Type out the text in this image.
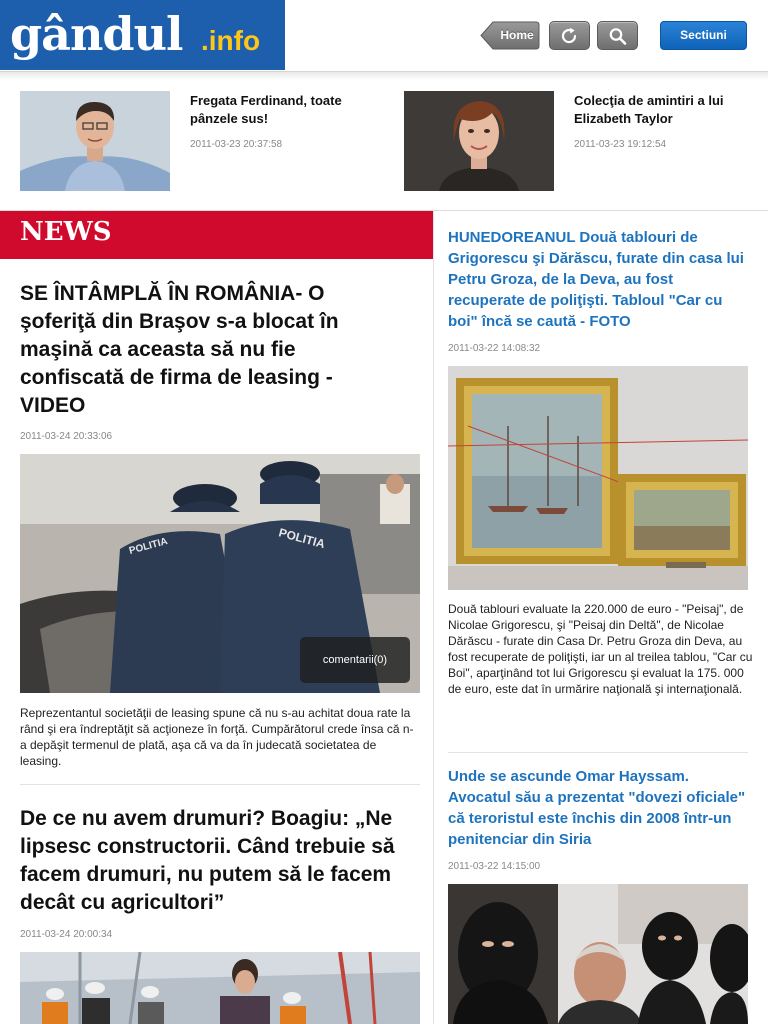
gândul .info	Home	Sectiuni
Fregata Ferdinand, toate pânzele sus!
2011-03-23 20:37:58
Colecţia de amintiri a lui Elizabeth Taylor
2011-03-23 19:12:54
NEWS
SE ÎNTÂMPLĂ ÎN ROMÂNIA- O şoferiţă din Braşov s-a blocat în maşină ca aceasta să nu fie confiscată de firma de leasing - VIDEO
2011-03-24 20:33:06
POLITIA	POLITIA
comentarii(0)
Reprezentantul societăţii de leasing spune că nu s-au achitat doua rate la rând şi era îndreptăţit să acţioneze în forţă. Cumpărătorul crede însa că n-a depăşit termenul de plată, aşa că va da în judecată societatea de leasing.
De ce nu avem drumuri? Boagiu: „Ne lipsesc constructorii. Când trebuie să facem drumuri, nu putem să le facem decât cu agricultori”
2011-03-24 20:00:34
HUNEDOREANUL Două tablouri de Grigorescu şi Dărăscu, furate din casa lui Petru Groza, de la Deva, au fost recuperate de poliţişti. Tabloul "Car cu boi" încă se caută - FOTO
2011-03-22 14:08:32
Două tablouri evaluate la 220.000 de euro - "Peisaj", de Nicolae Grigorescu, şi "Peisaj din Deltă", de Nicolae Dărăscu - furate din Casa Dr. Petru Groza din Deva, au fost recuperate de poliţişti, iar un al treilea tablou, "Car cu Boi", aparţinând tot lui Grigorescu şi evaluat la 175. 000 de euro, este dat în urmărire naţională şi internaţională.
Unde se ascunde Omar Hayssam. Avocatul său a prezentat "dovezi oficiale" că teroristul este închis din 2008 într-un penitenciar din Siria
2011-03-22 14:15:00
